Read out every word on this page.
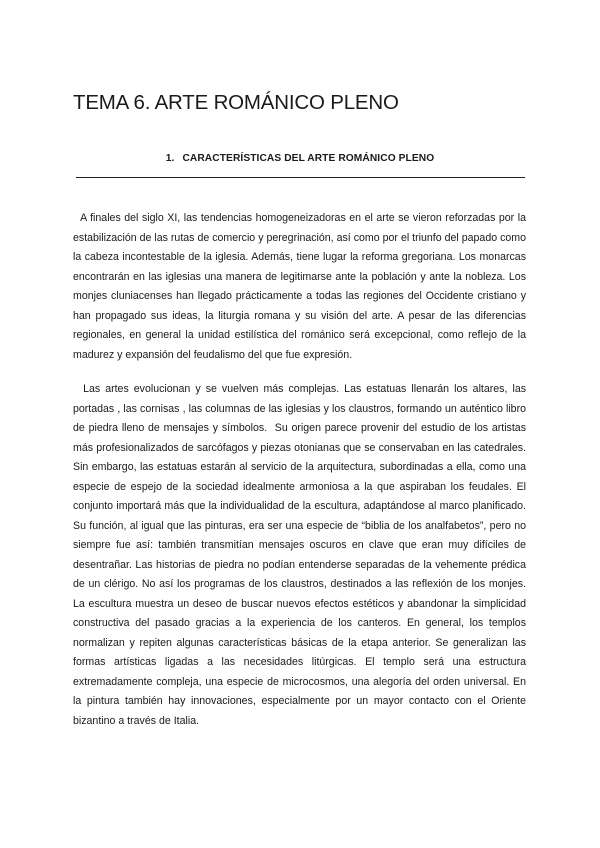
TEMA 6. ARTE ROMÁNICO PLENO
1. CARACTERÍSTICAS DEL ARTE ROMÁNICO PLENO

A finales del siglo XI, las tendencias homogeneizadoras en el arte se vieron reforzadas por la estabilización de las rutas de comercio y peregrinación, así como por el triunfo del papado como la cabeza incontestable de la iglesia. Además, tiene lugar la reforma gregoriana. Los monarcas encontrarán en las iglesias una manera de legitimarse ante la población y ante la nobleza. Los monjes cluniacenses han llegado prácticamente a todas las regiones del Occidente cristiano y han propagado sus ideas, la liturgia romana y su visión del arte. A pesar de las diferencias regionales, en general la unidad estilística del románico será excepcional, como reflejo de la madurez y expansión del feudalismo del que fue expresión.

Las artes evolucionan y se vuelven más complejas. Las estatuas llenarán los altares, las portadas , las cornisas , las columnas de las iglesias y los claustros, formando un auténtico libro de piedra lleno de mensajes y símbolos.  Su origen parece provenir del estudio de los artistas más profesionalizados de sarcófagos y piezas otonianas que se conservaban en las catedrales. Sin embargo, las estatuas estarán al servicio de la arquitectura, subordinadas a ella, como una especie de espejo de la sociedad idealmente armoniosa a la que aspiraban los feudales. El conjunto importará más que la individualidad de la escultura, adaptándose al marco planificado. Su función, al igual que las pinturas, era ser una especie de “biblia de los analfabetos”, pero no siempre fue así: también transmitían mensajes oscuros en clave que eran muy difíciles de desentrañar. Las historias de piedra no podían entenderse separadas de la vehemente prédica de un clérigo. No así los programas de los claustros, destinados a las reflexión de los monjes. La escultura muestra un deseo de buscar nuevos efectos estéticos y abandonar la simplicidad constructiva del pasado gracias a la experiencia de los canteros. En general, los templos normalizan y repiten algunas características básicas de la etapa anterior. Se generalizan las formas artísticas ligadas a las necesidades litúrgicas. El templo será una estructura extremadamente compleja, una especie de microcosmos, una alegoría del orden universal. En la pintura también hay innovaciones, especialmente por un mayor contacto con el Oriente bizantino a través de Italia.
